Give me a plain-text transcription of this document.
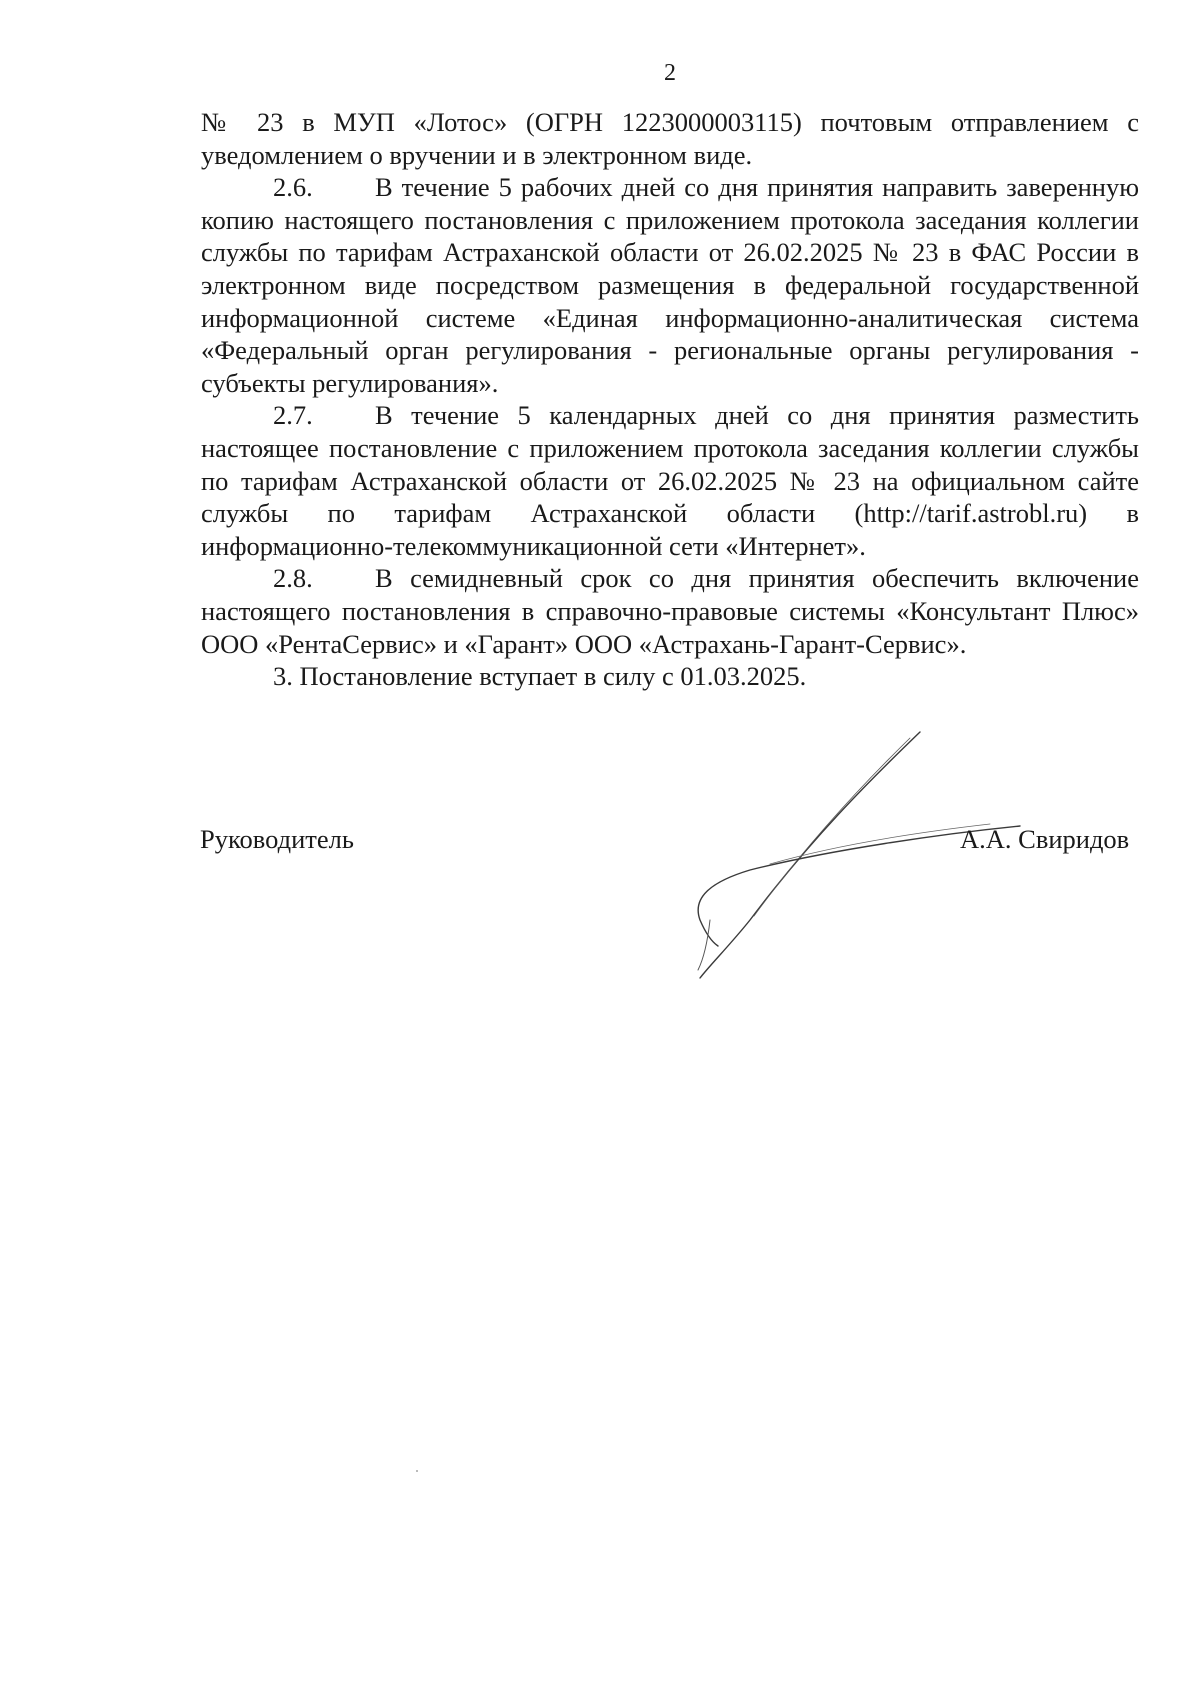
2

№ 23 в МУП «Лотос» (ОГРН 1223000003115) почтовым отправлением с уведомлением о вручении и в электронном виде.

2.6. В течение 5 рабочих дней со дня принятия направить заверенную копию настоящего постановления с приложением протокола заседания коллегии службы по тарифам Астраханской области от 26.02.2025 № 23 в ФАС России в электронном виде посредством размещения в федеральной государственной информационной системе «Единая информационно-аналитическая система «Федеральный орган регулирования - региональные органы регулирования - субъекты регулирования».

2.7. В течение 5 календарных дней со дня принятия разместить настоящее постановление с приложением протокола заседания коллегии службы по тарифам Астраханской области от 26.02.2025 № 23 на официальном сайте службы по тарифам Астраханской области (http://tarif.astrobl.ru) в информационно-телекоммуникационной сети «Интернет».

2.8. В семидневный срок со дня принятия обеспечить включение настоящего постановления в справочно-правовые системы «Консультант Плюс» ООО «РентаСервис» и «Гарант» ООО «Астрахань-Гарант-Сервис».

3. Постановление вступает в силу с 01.03.2025.

Руководитель	А.А. Свиридов
